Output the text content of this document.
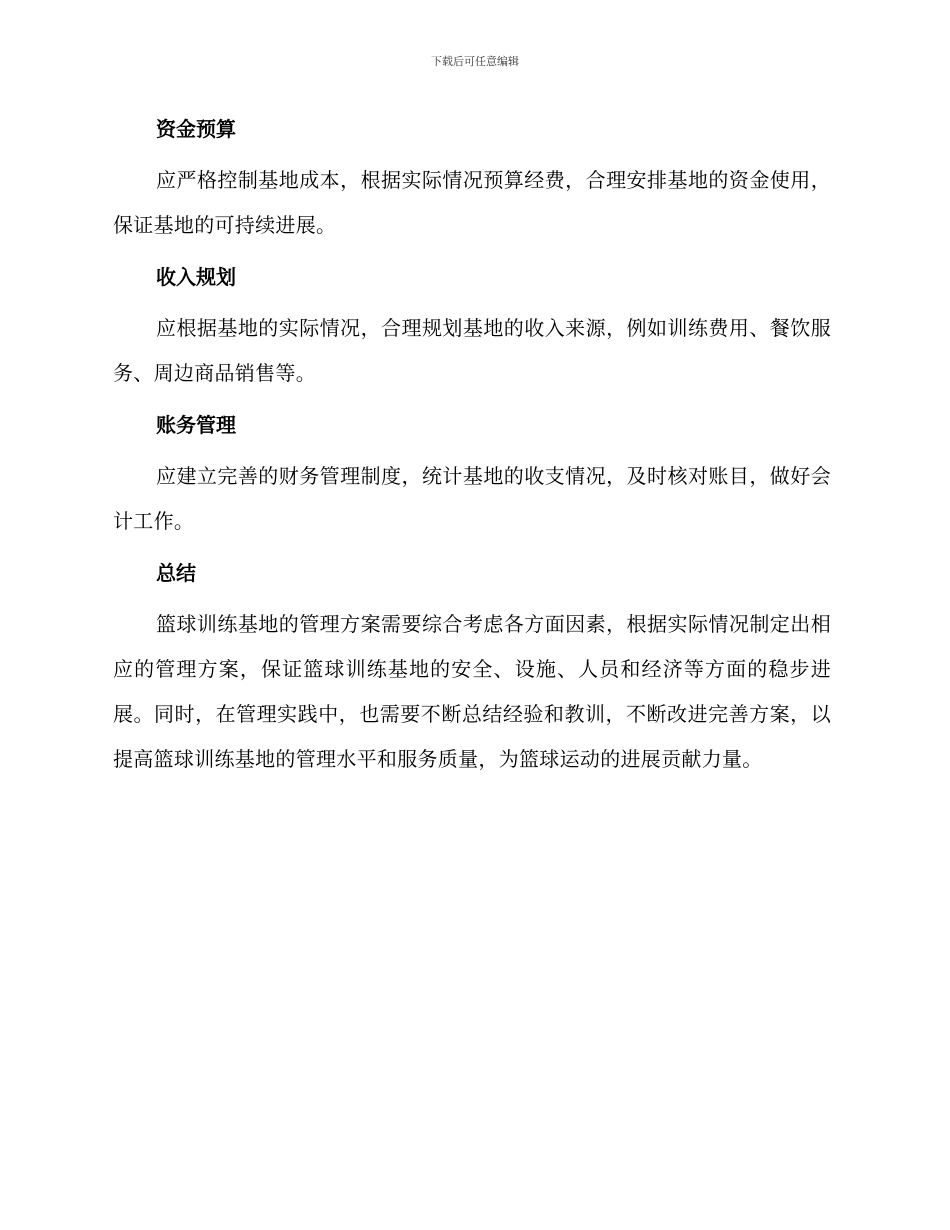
下载后可任意编辑

资金预算

应严格控制基地成本，根据实际情况预算经费，合理安排基地的资金使用，保证基地的可持续进展。

收入规划

应根据基地的实际情况，合理规划基地的收入来源，例如训练费用、餐饮服务、周边商品销售等。

账务管理

应建立完善的财务管理制度，统计基地的收支情况，及时核对账目，做好会计工作。

总结

篮球训练基地的管理方案需要综合考虑各方面因素，根据实际情况制定出相应的管理方案，保证篮球训练基地的安全、设施、人员和经济等方面的稳步进展。同时，在管理实践中，也需要不断总结经验和教训，不断改进完善方案，以提高篮球训练基地的管理水平和服务质量，为篮球运动的进展贡献力量。
